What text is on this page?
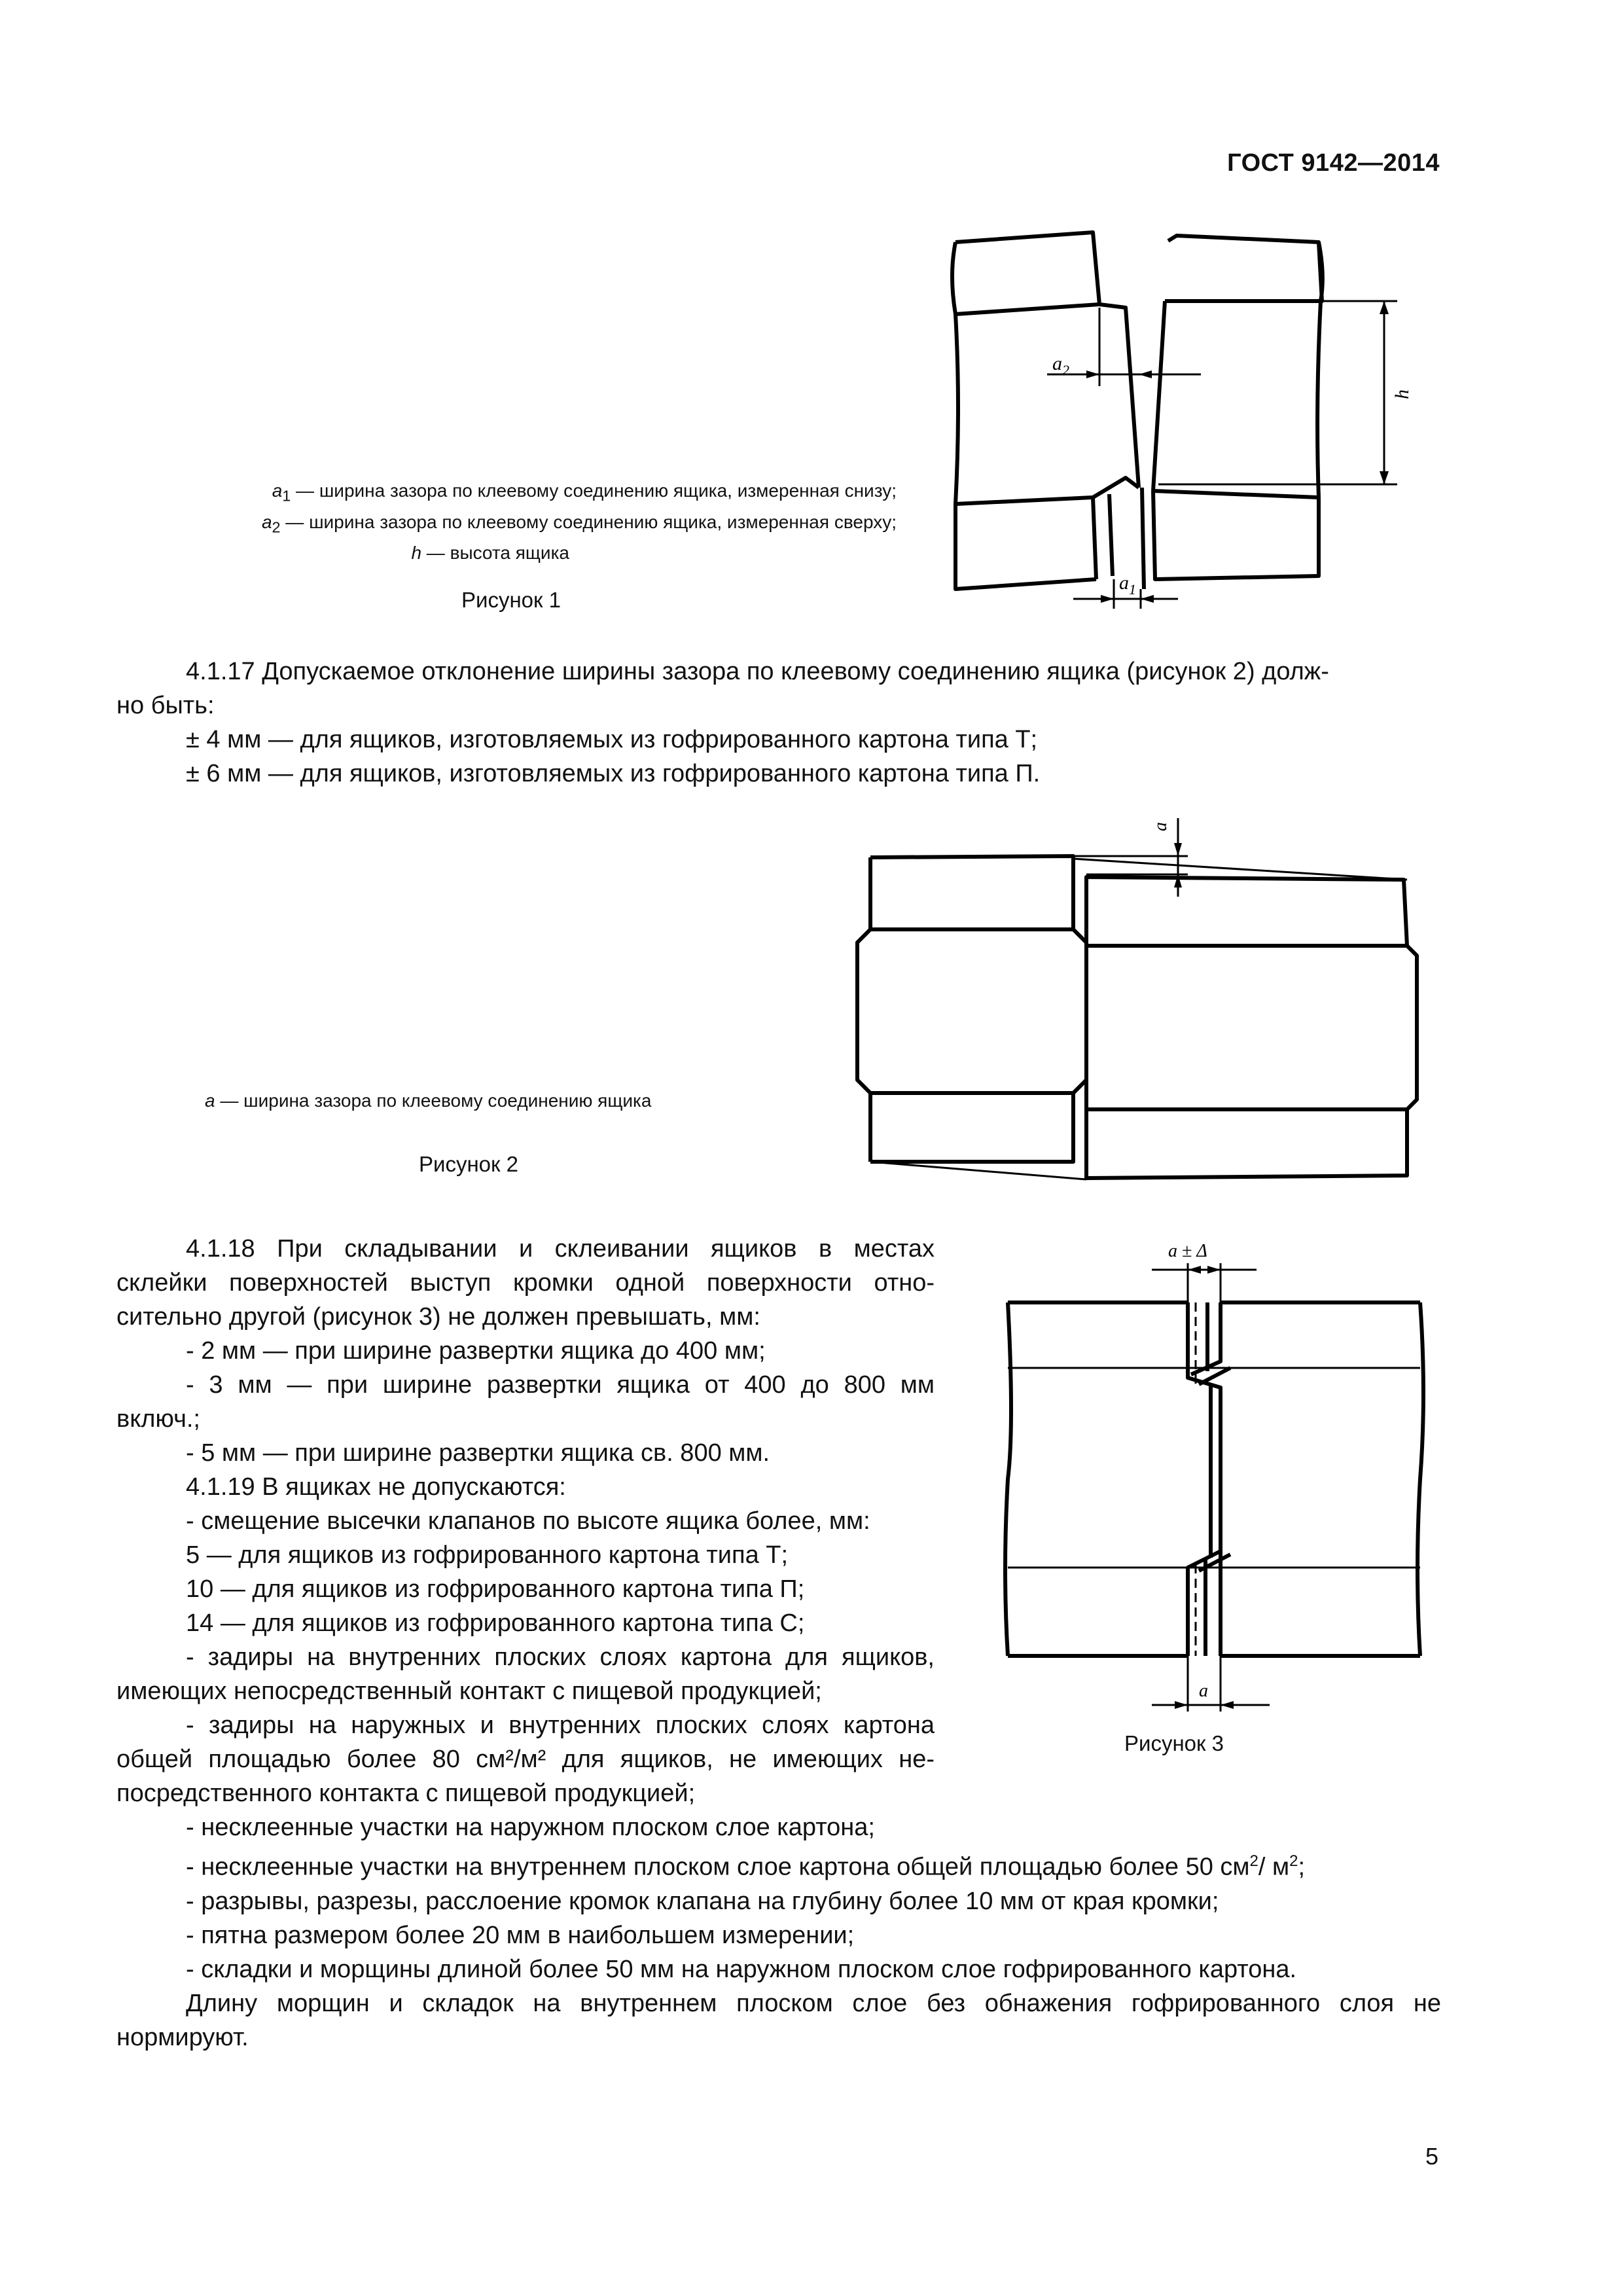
ГОСТ 9142—2014
$a_2$
$a_1$
h
$a_1$ — ширина зазора по клеевому соединению ящика, измеренная снизу;
$a_2$ — ширина зазора по клеевому соединению ящика, измеренная сверху;
h — высота ящика
Рисунок 1
4.1.17 Допускаемое отклонение ширины зазора по клеевому соединению ящика (рисунок 2) долж-
но быть:
± 4 мм — для ящиков, изготовляемых из гофрированного картона типа Т;
± 6 мм — для ящиков, изготовляемых из гофрированного картона типа П.
a
a — ширина зазора по клеевому соединению ящика
Рисунок 2
a ± Δ
a
Рисунок 3
4.1.18 При складывании и склеивании ящиков в местах
склейки поверхностей выступ кромки одной поверхности отно-
сительно другой (рисунок 3) не должен превышать, мм:
- 2 мм — при ширине развертки ящика до 400 мм;
- 3 мм — при ширине развертки ящика от 400 до 800 мм
включ.;
- 5 мм — при ширине развертки ящика св. 800 мм.
4.1.19 В ящиках не допускаются:
- смещение высечки клапанов по высоте ящика более, мм:
5 — для ящиков из гофрированного картона типа Т;
10 — для ящиков из гофрированного картона типа П;
14 — для ящиков из гофрированного картона типа С;
- задиры на внутренних плоских слоях картона для ящиков,
имеющих непосредственный контакт с пищевой продукцией;
- задиры на наружных и внутренних плоских слоях картона
общей площадью более 80 см²/м² для ящиков, не имеющих не-
посредственного контакта с пищевой продукцией;
- несклеенные участки на наружном плоском слое картона;
- несклеенные участки на внутреннем плоском слое картона общей площадью более 50 $см^2/$ $м^2$;
- разрывы, разрезы, расслоение кромок клапана на глубину более 10 мм от края кромки;
- пятна размером более 20 мм в наибольшем измерении;
- складки и морщины длиной более 50 мм на наружном плоском слое гофрированного картона.
Длину морщин и складок на внутреннем плоском слое без обнажения гофрированного слоя не
нормируют.
5
